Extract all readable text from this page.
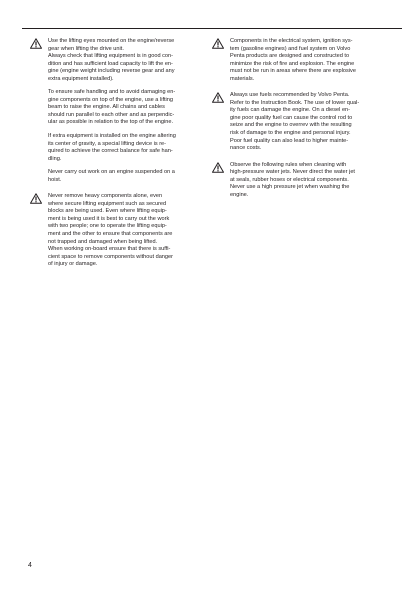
Use the lifting eyes mounted on the engine/reverse
gear when lifting the drive unit.
Always check that lifting equipment is in good con-
dition and has sufficient load capacity to lift the en-
gine (engine weight including reverse gear and any
extra equipment installed).

To ensure safe handling and to avoid damaging en-
gine components on top of the engine, use a lifting
beam to raise the engine. All chains and cables
should run parallel to each other and as perpendic-
ular as possible in relation to the top of the engine.

If extra equipment is installed on the engine altering
its center of gravity, a special lifting device is re-
quired to achieve the correct balance for safe han-
dling.

Never carry out work on an engine suspended on a
hoist.

Never remove heavy components alone, even
where secure lifting equipment such as secured
blocks are being used. Even where lifting equip-
ment is being used it is best to carry out the work
with two people; one to operate the lifting equip-
ment and the other to ensure that components are
not trapped and damaged when being lifted.
When working on-board ensure that there is suffi-
cient space to remove components without danger
of injury or damage.

Components in the electrical system, ignition sys-
tem (gasoline engines) and fuel system on Volvo
Penta products are designed and constructed to
minimize the risk of fire and explosion. The engine
must not be run in areas where there are explosive
materials.

Always use fuels recommended by Volvo Penta.
Refer to the Instruction Book. The use of lower qual-
ity fuels can damage the engine. On a diesel en-
gine poor quality fuel can cause the control rod to
seize and the engine to overrev with the resulting
risk of damage to the engine and personal injury.
Poor fuel quality can also lead to higher mainte-
nance costs.

Observe the following rules when cleaning with
high-pressure water jets. Never direct the water jet
at seals, rubber hoses or electrical components.
Never use a high pressure jet when washing the
engine.

4
